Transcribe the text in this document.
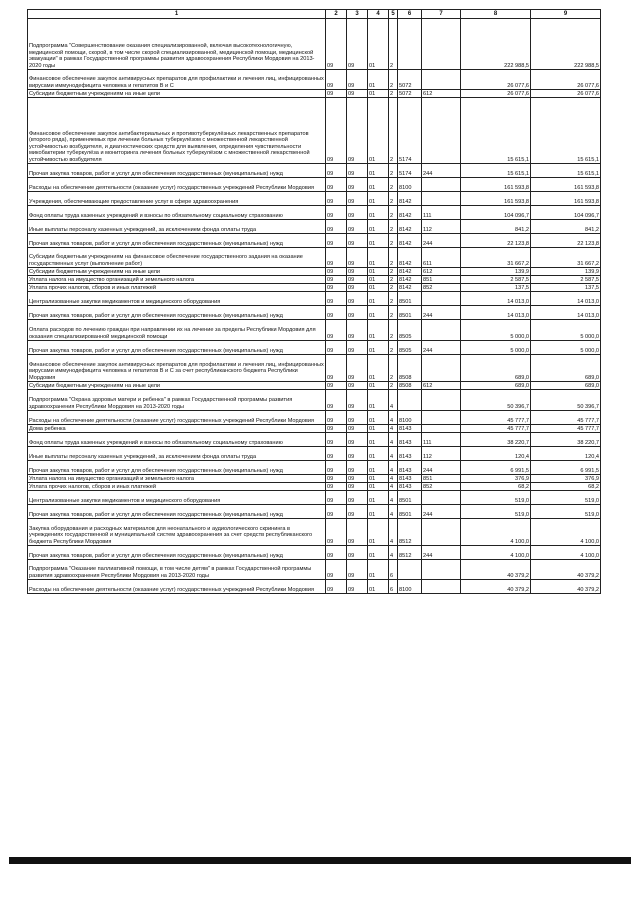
1	2	3	4	5	6	7	8	9
Подпрограмма "Совершенствование оказания специализированной, включая высокотехнологичную, медицинской помощи, скорой, в том числе скорой специализированной, медицинской помощи, медицинской эвакуации" в рамках Государственной программы развития здравоохранения Республики Мордовия на 2013-2020 годы	09	09	01	2			222 988,5	222 988,5
Финансовое обеспечение закупок антивирусных препаратов для профилактики и лечения лиц, инфицированных вирусами иммунодефицита человека и гепатитов В и С	09	09	01	2	5072		26 077,6	26 077,6
Субсидии бюджетным учреждениям на иные цели	09	09	01	2	5072	612	26 077,6	26 077,6
Финансовое обеспечение закупок антибактериальных и противотуберкулёзных лекарственных препаратов (второго ряда), применяемых при лечении больных туберкулёзом с множественной лекарственной устойчивостью возбудителя, и диагностических средств для выявления, определения чувствительности микобактерии туберкулёза и мониторинга лечения больных туберкулёзом с множественной лекарственной устойчивостью возбудителя	09	09	01	2	5174		15 615,1	15 615,1
Прочая закупка товаров, работ и услуг для обеспечения государственных (муниципальных) нужд	09	09	01	2	5174	244	15 615,1	15 615,1
Расходы на обеспечение деятельности (оказание услуг) государственных учреждений Республики Мордовия	09	09	01	2	8100		161 593,8	161 593,8
Учреждения, обеспечивающие предоставление услуг в сфере здравоохранения	09	09	01	2	8142		161 593,8	161 593,8
Фонд оплаты труда казенных учреждений и взносы по обязательному социальному страхованию	09	09	01	2	8142	111	104 096,7	104 096,7
Иные выплаты персоналу казенных учреждений, за исключением фонда оплаты труда	09	09	01	2	8142	112	841,2	841,2
Прочая закупка товаров, работ и услуг для обеспечения государственных (муниципальных) нужд	09	09	01	2	8142	244	22 123,8	22 123,8
Субсидии бюджетным учреждениям на финансовое обеспечение государственного задания на оказание государственных услуг (выполнение работ)	09	09	01	2	8142	611	31 667,2	31 667,2
Субсидии бюджетным учреждениям на иные цели	09	09	01	2	8142	612	139,9	139,9
Уплата налога на имущество организаций и земельного налога	09	09	01	2	8142	851	2 587,5	2 587,5
Уплата прочих налогов, сборов и иных платежей	09	09	01	2	8142	852	137,5	137,5
Централизованные закупки медикаментов и медицинского оборудования	09	09	01	2	8501		14 013,0	14 013,0
Прочая закупка товаров, работ и услуг для обеспечения государственных (муниципальных) нужд	09	09	01	2	8501	244	14 013,0	14 013,0
Оплата расходов по лечению граждан при направлении их на лечение за пределы Республики Мордовия для оказания специализированной медицинской помощи	09	09	01	2	8505		5 000,0	5 000,0
Прочая закупка товаров, работ и услуг для обеспечения государственных (муниципальных) нужд	09	09	01	2	8505	244	5 000,0	5 000,0
Финансовое обеспечение закупок антивирусных препаратов для профилактики и лечения лиц, инфицированных вирусами иммунодефицита человека и гепатитов В и С за счет республиканского бюджета Республики Мордовия	09	09	01	2	8508		689,0	689,0
Субсидии бюджетным учреждениям на иные цели	09	09	01	2	8508	612	689,0	689,0
Подпрограмма "Охрана здоровья матери и ребенка" в рамках Государственной программы развития здравоохранения Республики Мордовия на 2013-2020 годы	09	09	01	4			50 396,7	50 396,7
Расходы на обеспечение деятельности (оказание услуг) государственных учреждений Республики Мордовия	09	09	01	4	8100		45 777,7	45 777,7
Дома ребенка	09	09	01	4	8143		45 777,7	45 777,7
Фонд оплаты труда казенных учреждений и взносы по обязательному социальному страхованию	09	09	01	4	8143	111	38 220,7	38 220,7
Иные выплаты персоналу казенных учреждений, за исключением фонда оплаты труда	09	09	01	4	8143	112	120,4	120,4
Прочая закупка товаров, работ и услуг для обеспечения государственных (муниципальных) нужд	09	09	01	4	8143	244	6 991,5	6 991,5
Уплата налога на имущество организаций и земельного налога	09	09	01	4	8143	851	376,9	376,9
Уплата прочих налогов, сборов и иных платежей	09	09	01	4	8143	852	68,2	68,2
Централизованные закупки медикаментов и медицинского оборудования	09	09	01	4	8501		519,0	519,0
Прочая закупка товаров, работ и услуг для обеспечения государственных (муниципальных) нужд	09	09	01	4	8501	244	519,0	519,0
Закупка оборудования и расходных материалов для неонатального и аудиологического скрининга в учреждениях государственной и муниципальной систем здравоохранения за счет средств республиканского бюджета Республики Мордовия	09	09	01	4	8512		4 100,0	4 100,0
Прочая закупка товаров, работ и услуг для обеспечения государственных (муниципальных) нужд	09	09	01	4	8512	244	4 100,0	4 100,0
Подпрограмма "Оказание паллиативной помощи, в том числе детям" в рамках Государственной программы развития здравоохранения Республики Мордовия на 2013-2020 годы	09	09	01	6			40 379,2	40 379,2
Расходы на обеспечение деятельности (оказание услуг) государственных учреждений Республики Мордовия	09	09	01	6	8100		40 379,2	40 379,2
